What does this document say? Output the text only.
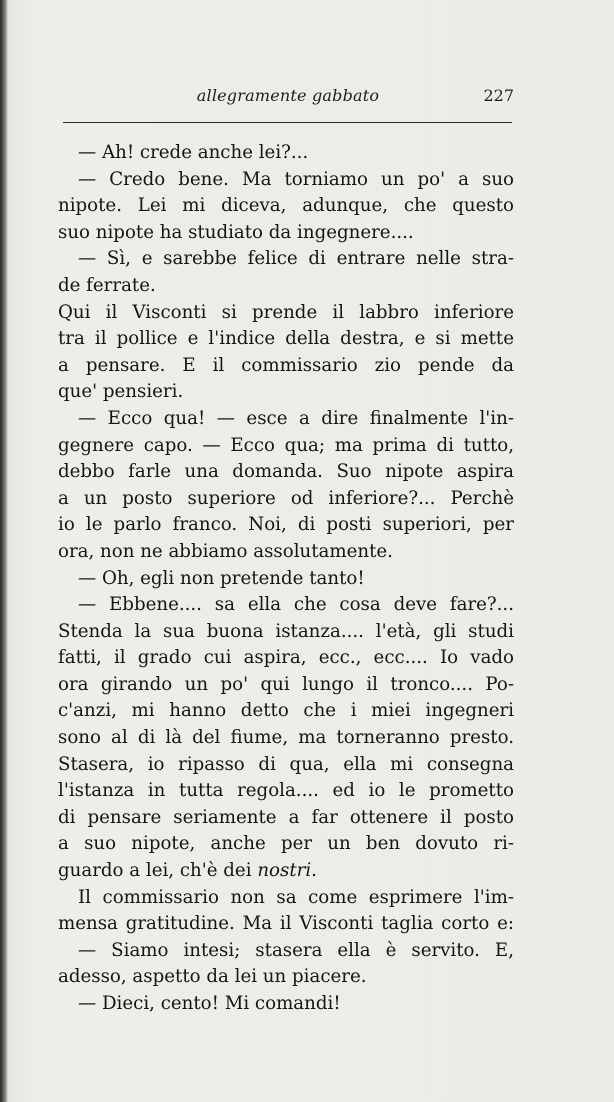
allegramente gabbato	227
— Ah! crede anche lei?...
— Credo bene. Ma torniamo un po' a suo
nipote. Lei mi diceva, adunque, che questo
suo nipote ha studiato da ingegnere....
— Sì, e sarebbe felice di entrare nelle stra-
de ferrate.
Qui il Visconti si prende il labbro inferiore
tra il pollice e l'indice della destra, e si mette
a pensare. E il commissario zio pende da
que' pensieri.
— Ecco qua! — esce a dire finalmente l'in-
gegnere capo. — Ecco qua; ma prima di tutto,
debbo farle una domanda. Suo nipote aspira
a un posto superiore od inferiore?... Perchè
io le parlo franco. Noi, di posti superiori, per
ora, non ne abbiamo assolutamente.
— Oh, egli non pretende tanto!
— Ebbene.... sa ella che cosa deve fare?...
Stenda la sua buona istanza.... l'età, gli studi
fatti, il grado cui aspira, ecc., ecc.... Io vado
ora girando un po' qui lungo il tronco.... Po-
c'anzi, mi hanno detto che i miei ingegneri
sono al di là del fiume, ma torneranno presto.
Stasera, io ripasso di qua, ella mi consegna
l'istanza in tutta regola.... ed io le prometto
di pensare seriamente a far ottenere il posto
a suo nipote, anche per un ben dovuto ri-
guardo a lei, ch'è dei nostri.
Il commissario non sa come esprimere l'im-
mensa gratitudine. Ma il Visconti taglia corto e:
— Siamo intesi; stasera ella è servito. E,
adesso, aspetto da lei un piacere.
— Dieci, cento! Mi comandi!
